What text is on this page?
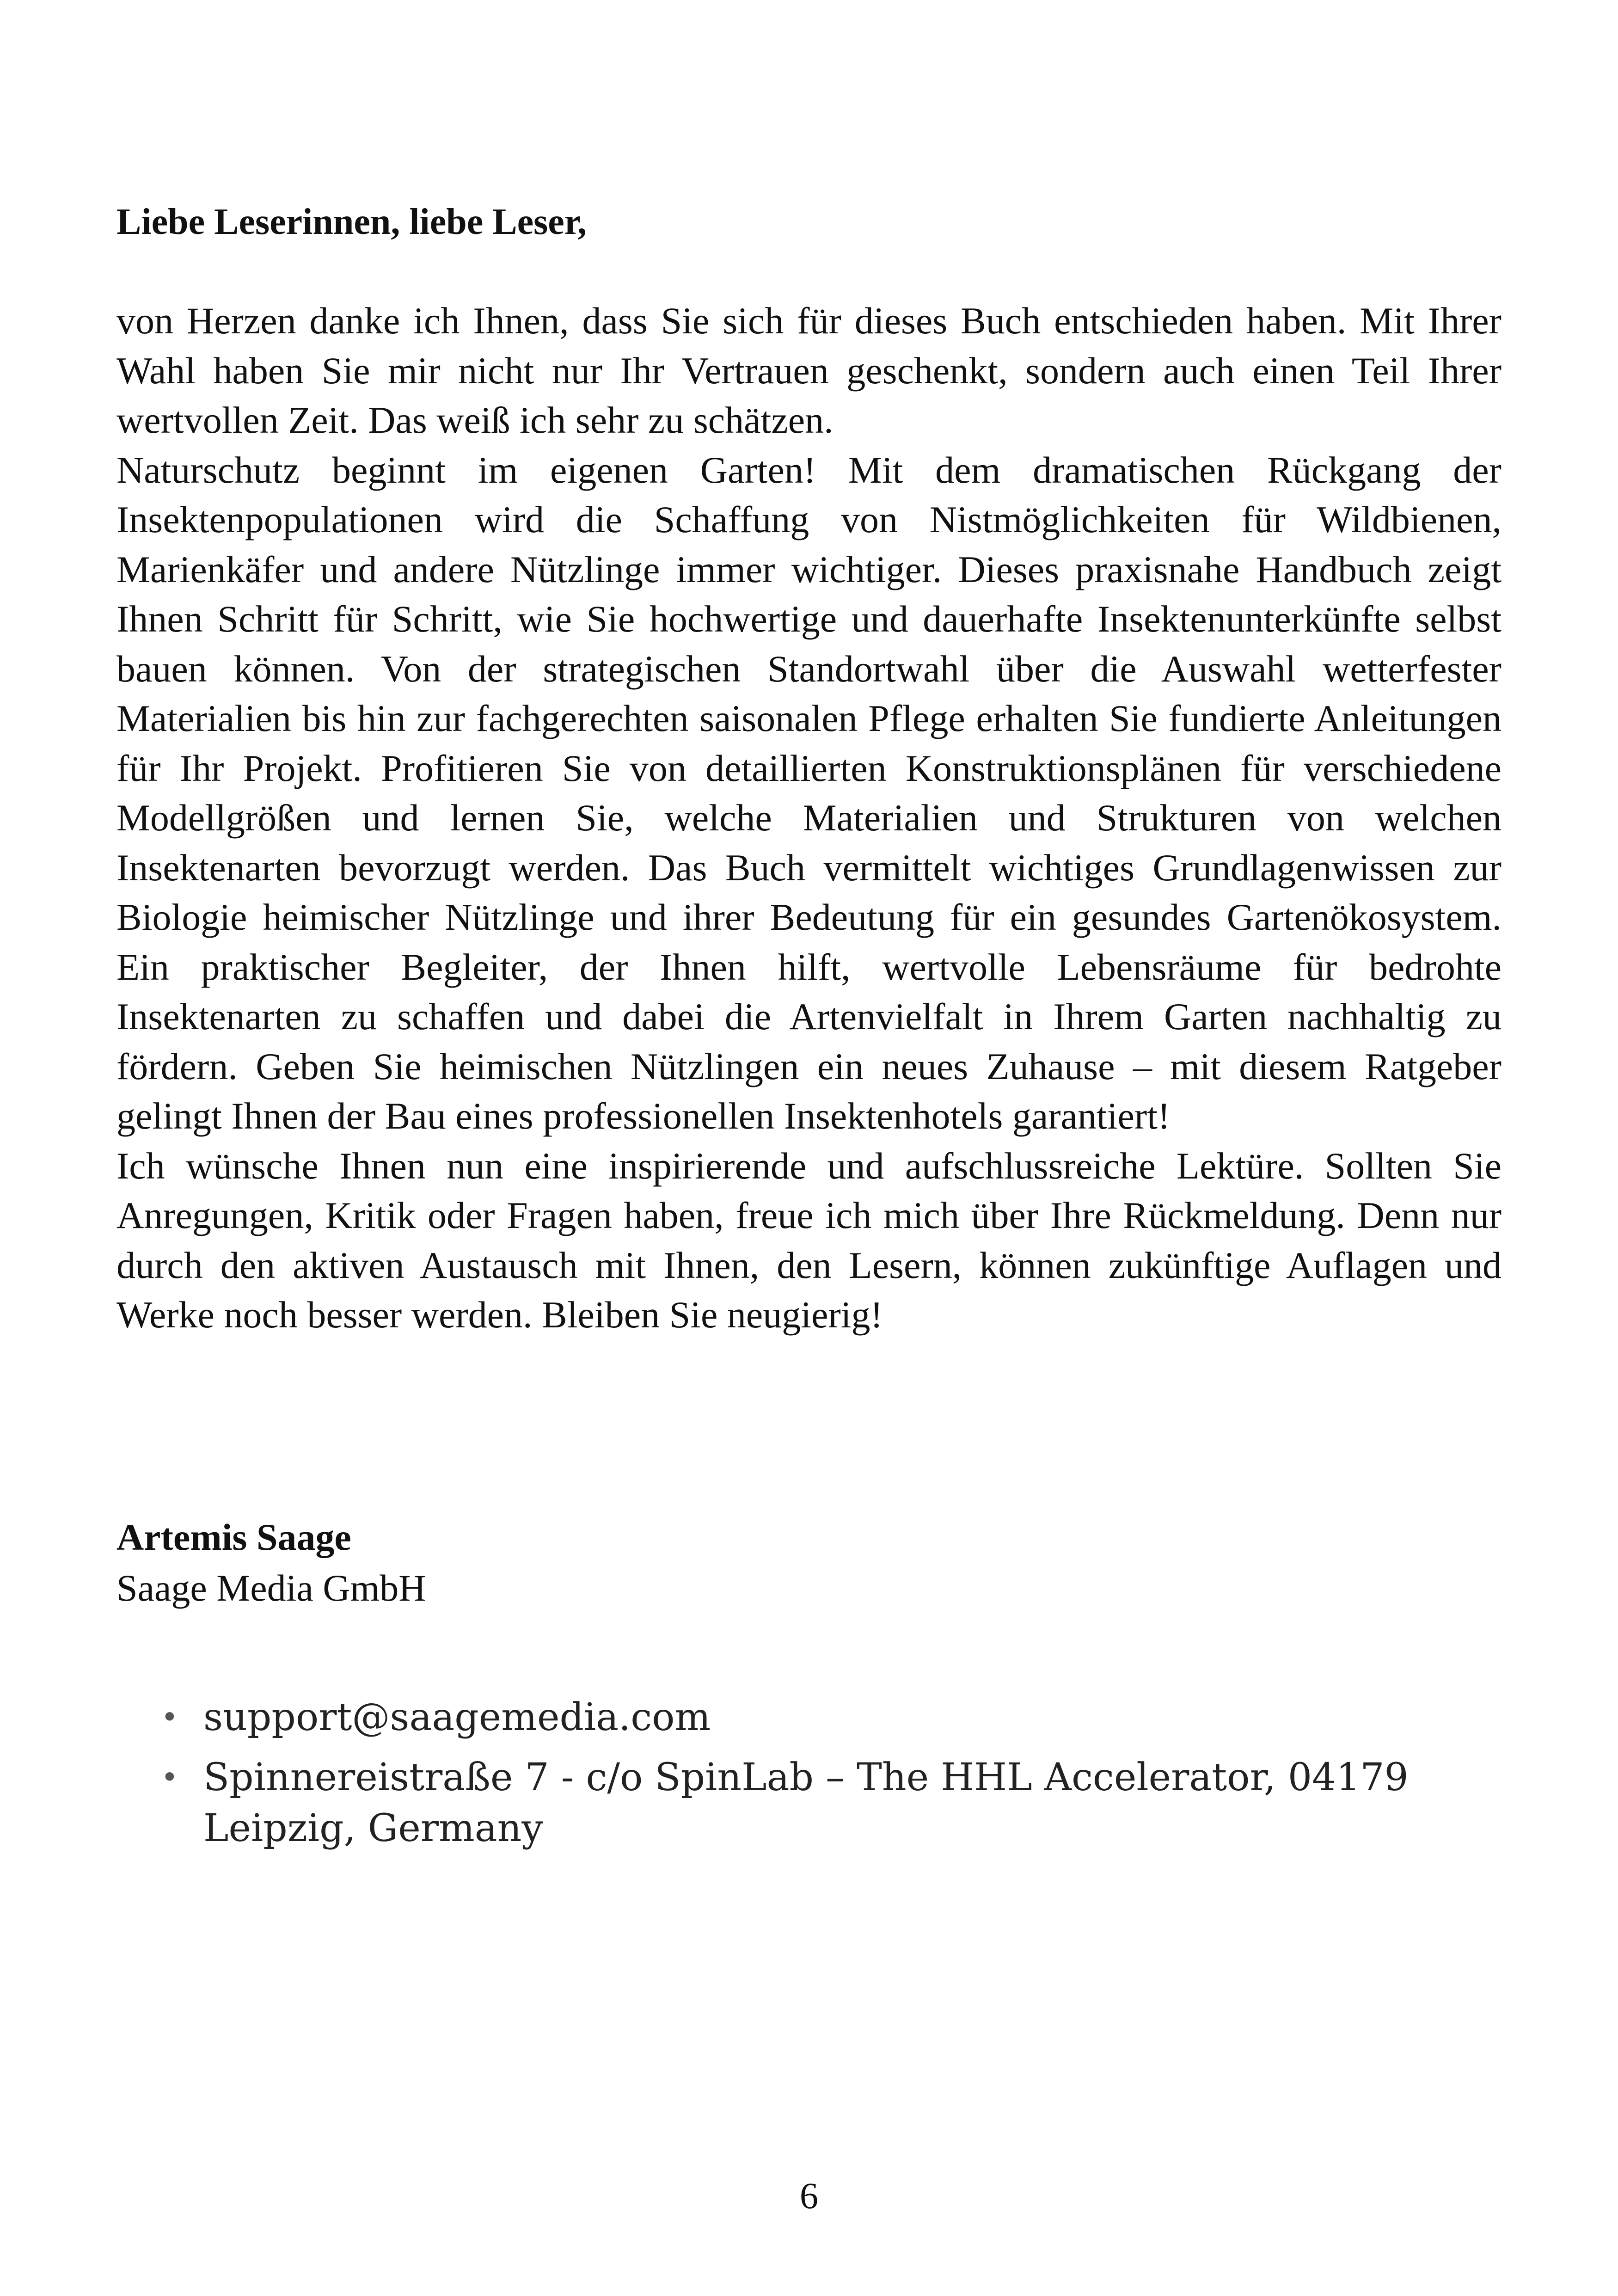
Liebe Leserinnen, liebe Leser,

von Herzen danke ich Ihnen, dass Sie sich für dieses Buch entschieden haben. Mit Ihrer Wahl haben Sie mir nicht nur Ihr Vertrauen geschenkt, sondern auch einen Teil Ihrer wertvollen Zeit. Das weiß ich sehr zu schätzen.

Naturschutz beginnt im eigenen Garten! Mit dem dramatischen Rückgang der Insektenpopulationen wird die Schaffung von Nistmöglichkeiten für Wildbienen, Marienkäfer und andere Nützlinge immer wichtiger. Dieses praxisnahe Handbuch zeigt Ihnen Schritt für Schritt, wie Sie hochwertige und dauerhafte Insektenunterkünfte selbst bauen können. Von der strategischen Standortwahl über die Auswahl wetterfester Materialien bis hin zur fachgerechten saisonalen Pflege erhalten Sie fundierte Anleitungen für Ihr Projekt. Profitieren Sie von detaillierten Konstruktionsplänen für verschiedene Modellgrößen und lernen Sie, welche Materialien und Strukturen von welchen Insektenarten bevorzugt werden. Das Buch vermittelt wichtiges Grundlagenwissen zur Biologie heimischer Nützlinge und ihrer Bedeutung für ein gesundes Gartenökosystem. Ein praktischer Begleiter, der Ihnen hilft, wertvolle Lebensräume für bedrohte Insektenarten zu schaffen und dabei die Artenvielfalt in Ihrem Garten nachhaltig zu fördern. Geben Sie heimischen Nützlingen ein neues Zuhause – mit diesem Ratgeber gelingt Ihnen der Bau eines professionellen Insektenhotels garantiert!

Ich wünsche Ihnen nun eine inspirierende und aufschlussreiche Lektüre. Sollten Sie Anregungen, Kritik oder Fragen haben, freue ich mich über Ihre Rückmeldung. Denn nur durch den aktiven Austausch mit Ihnen, den Lesern, können zukünftige Auflagen und Werke noch besser werden. Bleiben Sie neugierig!

Artemis Saage
Saage Media GmbH
• support@saagemedia.com
• Spinnereistraße 7 - c/o SpinLab – The HHL Accelerator, 04179 Leipzig, Germany
6
